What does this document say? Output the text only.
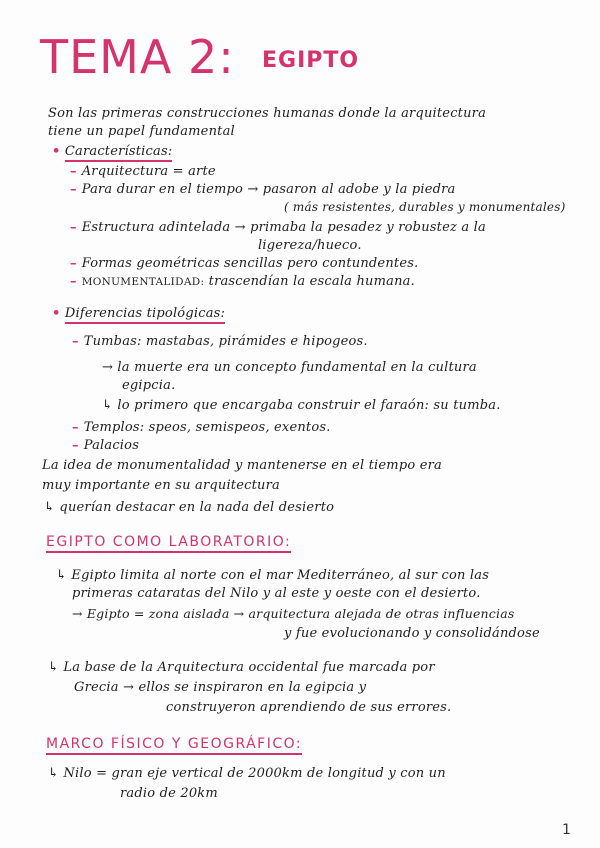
TEMA 2: EGIPTO
Son las primeras construcciones humanas donde la arquitectura
tiene un papel fundamental
• Características:
– Arquitectura = arte
– Para durar en el tiempo → pasaron al adobe y la piedra
( más resistentes, durables y monumentales)
– Estructura adintelada → primaba la pesadez y robustez a la
ligereza/hueco.
– Formas geométricas sencillas pero contundentes.
– MONUMENTALIDAD: trascendían la escala humana.
• Diferencias tipológicas:
– Tumbas: mastabas, pirámides e hipogeos.
→ la muerte era un concepto fundamental en la cultura
egipcia.
↳ lo primero que encargaba construir el faraón: su tumba.
– Templos: speos, semispeos, exentos.
– Palacios
La idea de monumentalidad y mantenerse en el tiempo era
muy importante en su arquitectura
↳ querían destacar en la nada del desierto
EGIPTO COMO LABORATORIO:
↳ Egipto limita al norte con el mar Mediterráneo, al sur con las
primeras cataratas del Nilo y al este y oeste con el desierto.
→ Egipto = zona aislada → arquitectura alejada de otras influencias
y fue evolucionando y consolidándose
↳ La base de la Arquitectura occidental fue marcada por
Grecia → ellos se inspiraron en la egipcia y
construyeron aprendiendo de sus errores.
MARCO FÍSICO Y GEOGRÁFICO:
↳ Nilo = gran eje vertical de 2000km de longitud y con un
radio de 20km
1
